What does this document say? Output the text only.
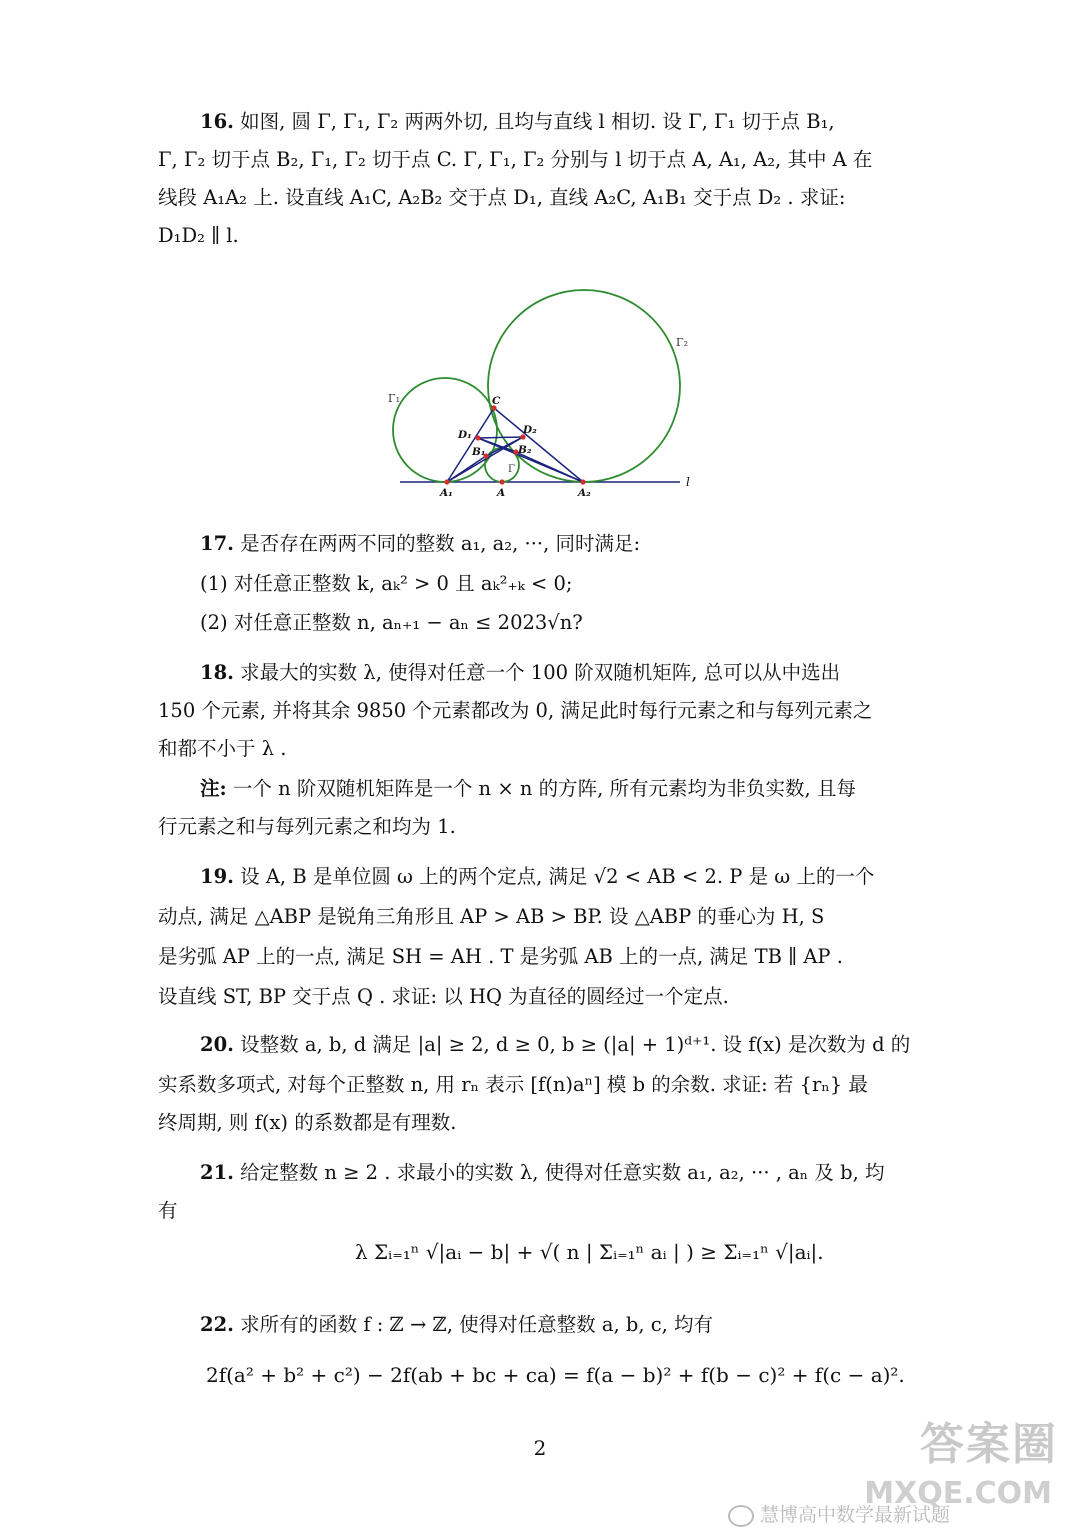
16. 如图, 圆 Γ, Γ₁, Γ₂ 两两外切, 且均与直线 l 相切. 设 Γ, Γ₁ 切于点 B₁,
Γ, Γ₂ 切于点 B₂, Γ₁, Γ₂ 切于点 C. Γ, Γ₁, Γ₂ 分别与 l 切于点 A, A₁, A₂, 其中 A 在
线段 A₁A₂ 上. 设直线 A₁C, A₂B₂ 交于点 D₁, 直线 A₂C, A₁B₁ 交于点 D₂ . 求证:
D₁D₂ ∥ l.
Γ₁
Γ₂
Γ
C
D₁	D₂
B₁	B₂
A₁	A	A₂
l
17. 是否存在两两不同的整数 a₁, a₂, ···, 同时满足:
(1) 对任意正整数 k, aₖ² > 0 且 aₖ²₊ₖ < 0;
(2) 对任意正整数 n, aₙ₊₁ − aₙ ≤ 2023√n?
18. 求最大的实数 λ, 使得对任意一个 100 阶双随机矩阵, 总可以从中选出
150 个元素, 并将其余 9850 个元素都改为 0, 满足此时每行元素之和与每列元素之
和都不小于 λ .
注: 一个 n 阶双随机矩阵是一个 n × n 的方阵, 所有元素均为非负实数, 且每
行元素之和与每列元素之和均为 1.
19. 设 A, B 是单位圆 ω 上的两个定点, 满足 √2 < AB < 2. P 是 ω 上的一个
动点, 满足 △ABP 是锐角三角形且 AP > AB > BP. 设 △ABP 的垂心为 H, S
是劣弧 AP 上的一点, 满足 SH = AH . T 是劣弧 AB 上的一点, 满足 TB ∥ AP .
设直线 ST, BP 交于点 Q . 求证: 以 HQ 为直径的圆经过一个定点.
20. 设整数 a, b, d 满足 |a| ≥ 2, d ≥ 0, b ≥ (|a| + 1)ᵈ⁺¹. 设 f(x) 是次数为 d 的
实系数多项式, 对每个正整数 n, 用 rₙ 表示 [f(n)aⁿ] 模 b 的余数. 求证: 若 {rₙ} 最
终周期, 则 f(x) 的系数都是有理数.
21. 给定整数 n ≥ 2 . 求最小的实数 λ, 使得对任意实数 a₁, a₂, ··· , aₙ 及 b, 均
有
λ Σᵢ₌₁ⁿ √|aᵢ − b| + √( n | Σᵢ₌₁ⁿ aᵢ | ) ≥ Σᵢ₌₁ⁿ √|aᵢ|.
22. 求所有的函数 f : ℤ → ℤ, 使得对任意整数 a, b, c, 均有
2f(a² + b² + c²) − 2f(ab + bc + ca) = f(a − b)² + f(b − c)² + f(c − a)².
2	答案圈
慧博高中数学最新试题
MXQE.COM
